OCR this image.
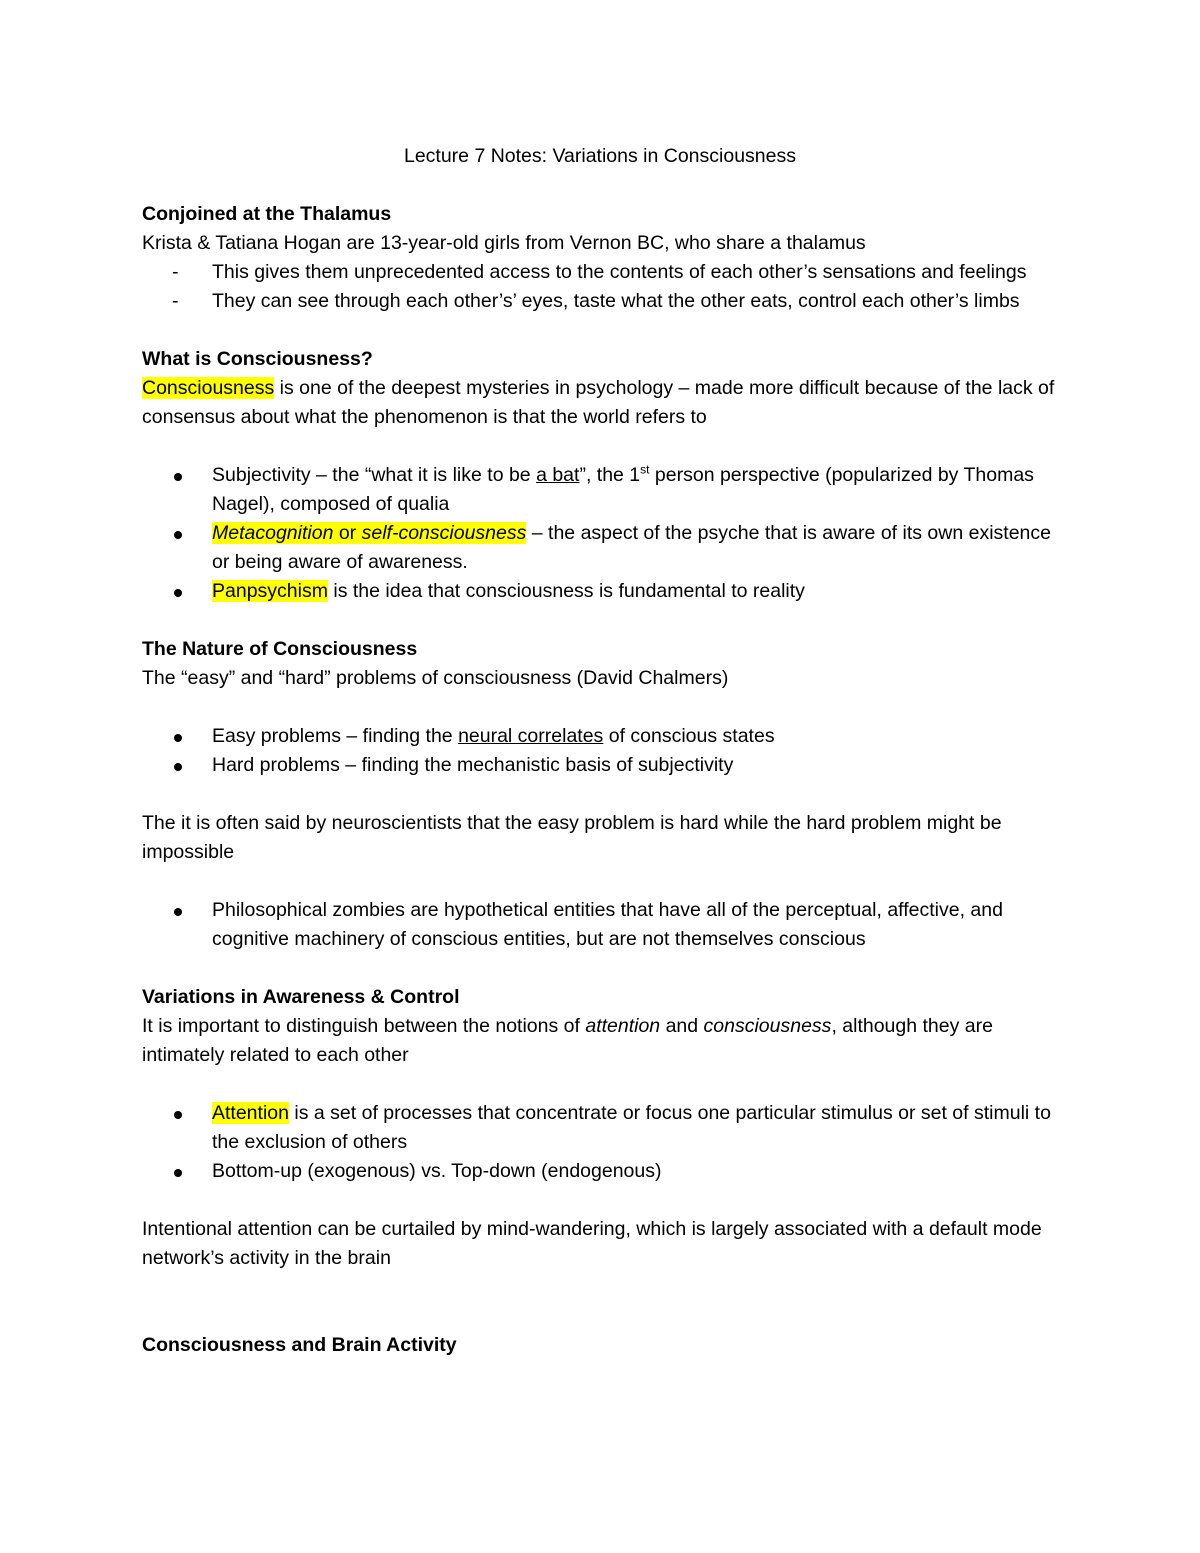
Lecture 7 Notes: Variations in Consciousness

Conjoined at the Thalamus

Krista & Tatiana Hogan are 13-year-old girls from Vernon BC, who share a thalamus

- This gives them unprecedented access to the contents of each other’s sensations and feelings
- They can see through each other’s’ eyes, taste what the other eats, control each other’s limbs

What is Consciousness?

Consciousness is one of the deepest mysteries in psychology – made more difficult because of the lack of consensus about what the phenomenon is that the world refers to

Subjectivity – the “what it is like to be a bat”, the 1st person perspective (popularized by Thomas Nagel), composed of qualia
Metacognition or self-consciousness – the aspect of the psyche that is aware of its own existence or being aware of awareness.
Panpsychism is the idea that consciousness is fundamental to reality

The Nature of Consciousness

The “easy” and “hard” problems of consciousness (David Chalmers)

Easy problems – finding the neural correlates of conscious states
Hard problems – finding the mechanistic basis of subjectivity

The it is often said by neuroscientists that the easy problem is hard while the hard problem might be impossible

Philosophical zombies are hypothetical entities that have all of the perceptual, affective, and cognitive machinery of conscious entities, but are not themselves conscious

Variations in Awareness & Control

It is important to distinguish between the notions of attention and consciousness, although they are intimately related to each other

Attention is a set of processes that concentrate or focus one particular stimulus or set of stimuli to the exclusion of others
Bottom-up (exogenous) vs. Top-down (endogenous)

Intentional attention can be curtailed by mind-wandering, which is largely associated with a default mode network’s activity in the brain

Consciousness and Brain Activity
